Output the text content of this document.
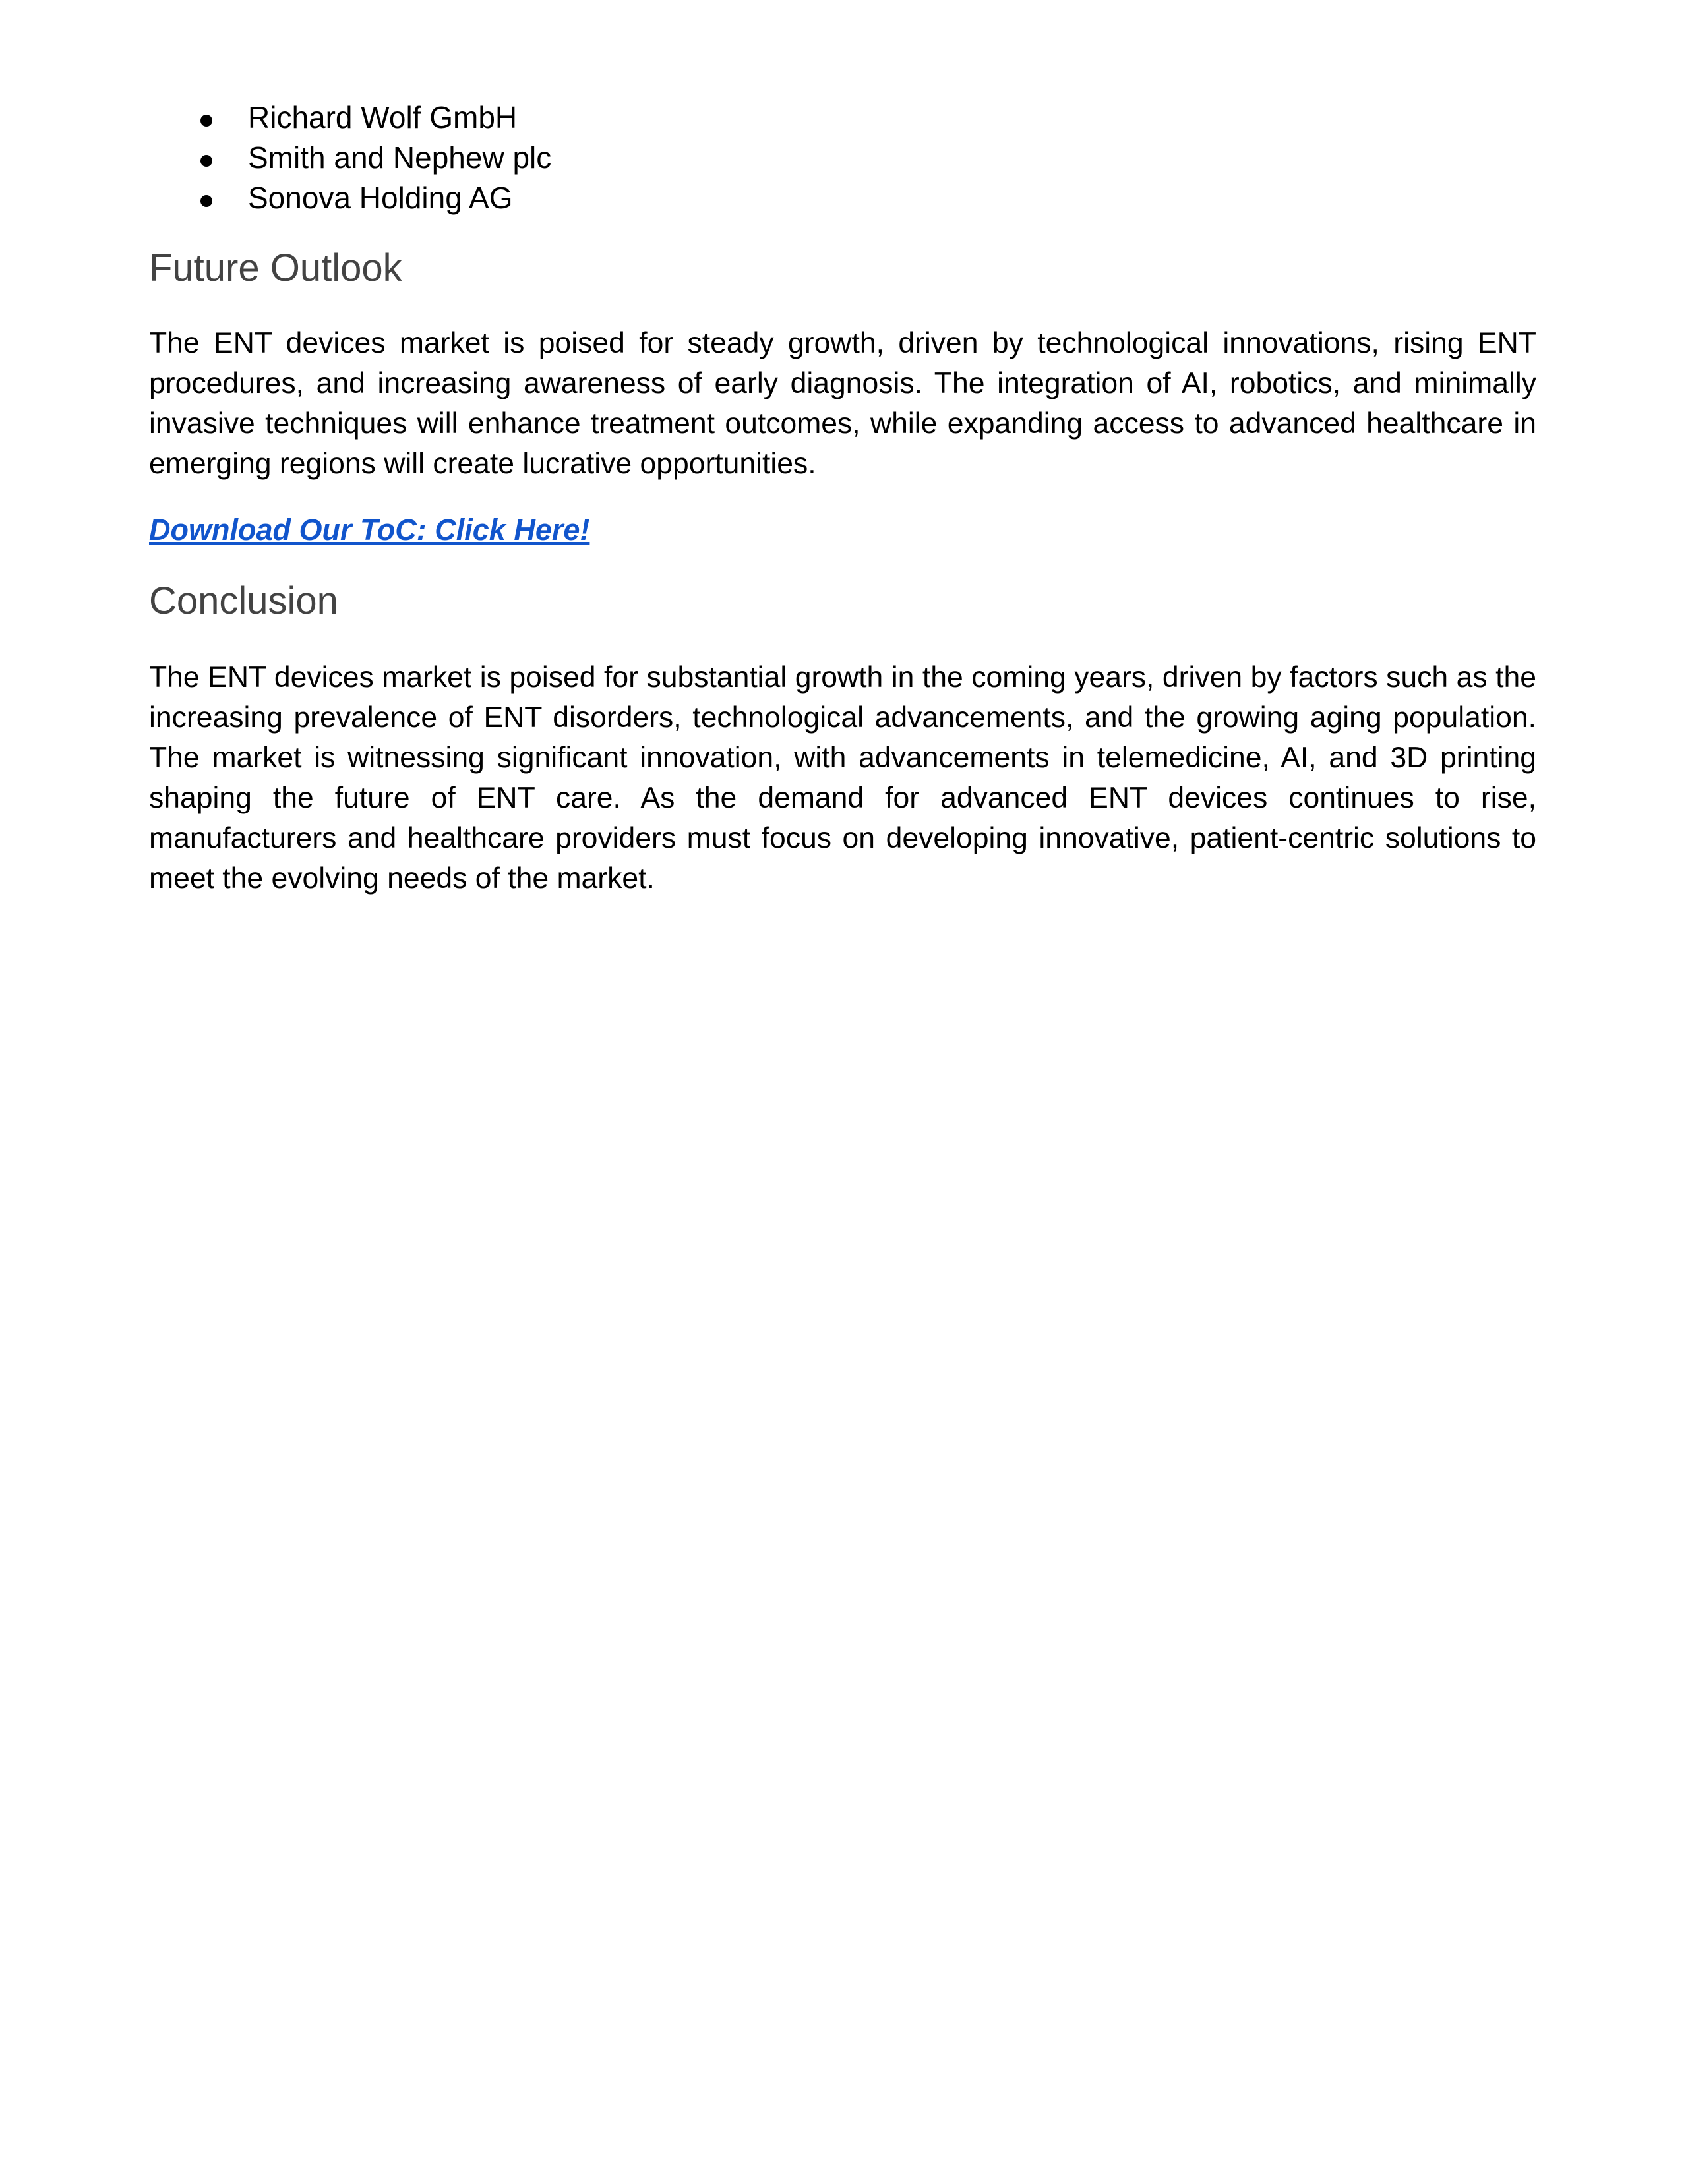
Richard Wolf GmbH
Smith and Nephew plc
Sonova Holding AG
Future Outlook

The ENT devices market is poised for steady growth, driven by technological innovations, rising ENT procedures, and increasing awareness of early diagnosis. The integration of AI, robotics, and minimally invasive techniques will enhance treatment outcomes, while expanding access to advanced healthcare in emerging regions will create lucrative opportunities.

Download Our ToC: Click Here!
Conclusion

The ENT devices market is poised for substantial growth in the coming years, driven by factors such as the increasing prevalence of ENT disorders, technological advancements, and the growing aging population. The market is witnessing significant innovation, with advancements in telemedicine, AI, and 3D printing shaping the future of ENT care. As the demand for advanced ENT devices continues to rise, manufacturers and healthcare providers must focus on developing innovative, patient-centric solutions to meet the evolving needs of the market.
